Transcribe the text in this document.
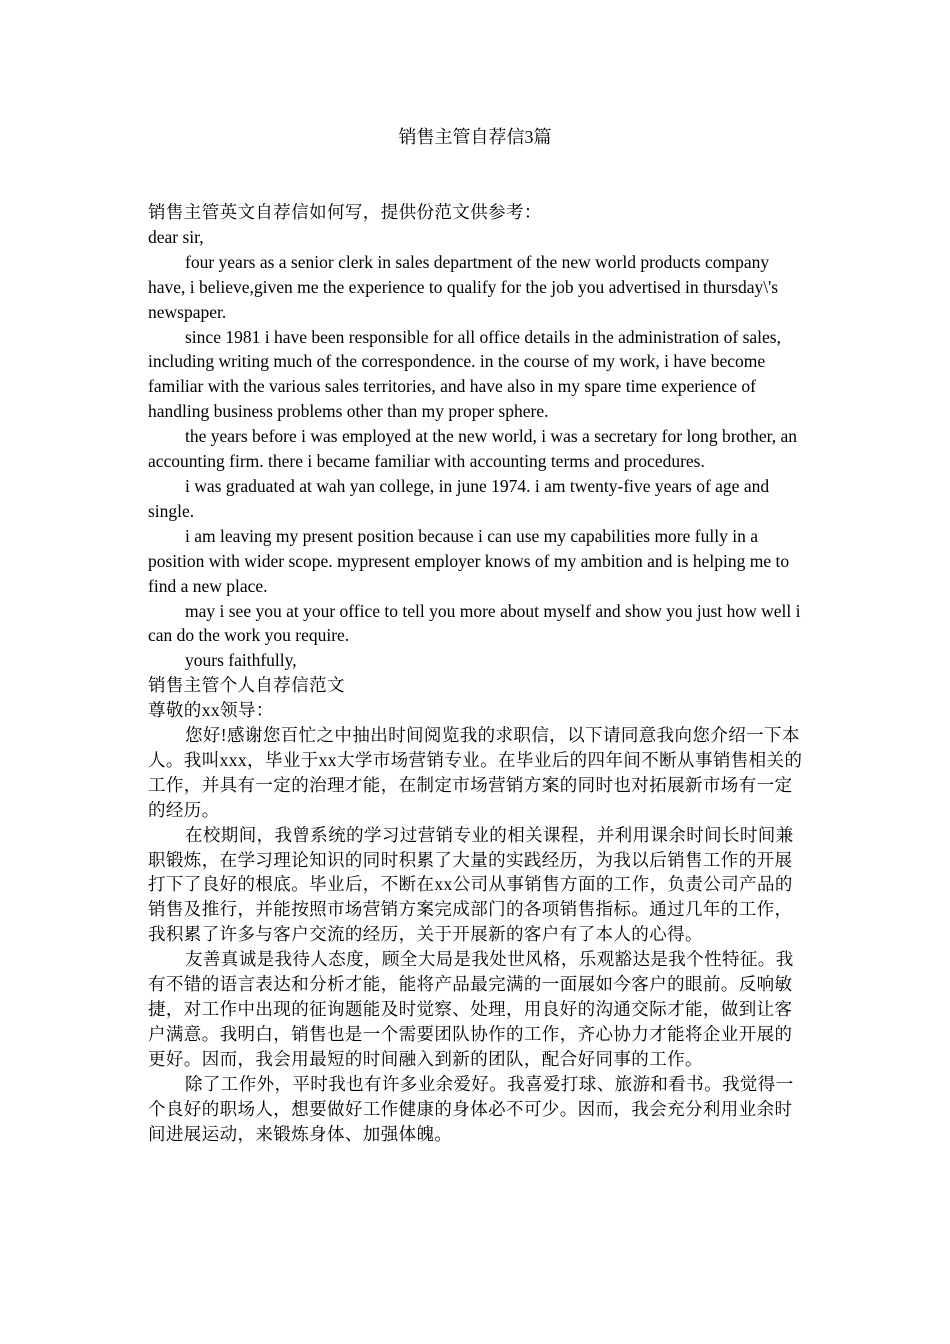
销售主管自荐信3篇

销售主管英文自荐信如何写，提供份范文供参考：

dear sir,

four years as a senior clerk in sales department of the new world products company have, i believe,given me the experience to qualify for the job you advertised in thursday\'s newspaper.

since 1981 i have been responsible for all office details in the administration of sales, including writing much of the correspondence. in the course of my work, i have become familiar with the various sales territories, and have also in my spare time experience of handling business problems other than my proper sphere.

the years before i was employed at the new world, i was a secretary for long brother, an accounting firm. there i became familiar with accounting terms and procedures.

i was graduated at wah yan college, in june 1974. i am twenty-five years of age and single.

i am leaving my present position because i can use my capabilities more fully in a position with wider scope. mypresent employer knows of my ambition and is helping me to find a new place.

may i see you at your office to tell you more about myself and show you just how well i can do the work you require.

yours faithfully,

销售主管个人自荐信范文

尊敬的xx领导：

您好!感谢您百忙之中抽出时间阅览我的求职信，以下请同意我向您介绍一下本人。我叫xxx，毕业于xx大学市场营销专业。在毕业后的四年间不断从事销售相关的工作，并具有一定的治理才能，在制定市场营销方案的同时也对拓展新市场有一定的经历。

在校期间，我曾系统的学习过营销专业的相关课程，并利用课余时间长时间兼职锻炼，在学习理论知识的同时积累了大量的实践经历，为我以后销售工作的开展打下了良好的根底。毕业后，不断在xx公司从事销售方面的工作，负责公司产品的销售及推行，并能按照市场营销方案完成部门的各项销售指标。通过几年的工作，我积累了许多与客户交流的经历，关于开展新的客户有了本人的心得。

友善真诚是我待人态度，顾全大局是我处世风格，乐观豁达是我个性特征。我有不错的语言表达和分析才能，能将产品最完满的一面展如今客户的眼前。反响敏捷，对工作中出现的征询题能及时觉察、处理，用良好的沟通交际才能，做到让客户满意。我明白，销售也是一个需要团队协作的工作，齐心协力才能将企业开展的更好。因而，我会用最短的时间融入到新的团队，配合好同事的工作。

除了工作外，平时我也有许多业余爱好。我喜爱打球、旅游和看书。我觉得一个良好的职场人，想要做好工作健康的身体必不可少。因而，我会充分利用业余时间进展运动，来锻炼身体、加强体魄。
